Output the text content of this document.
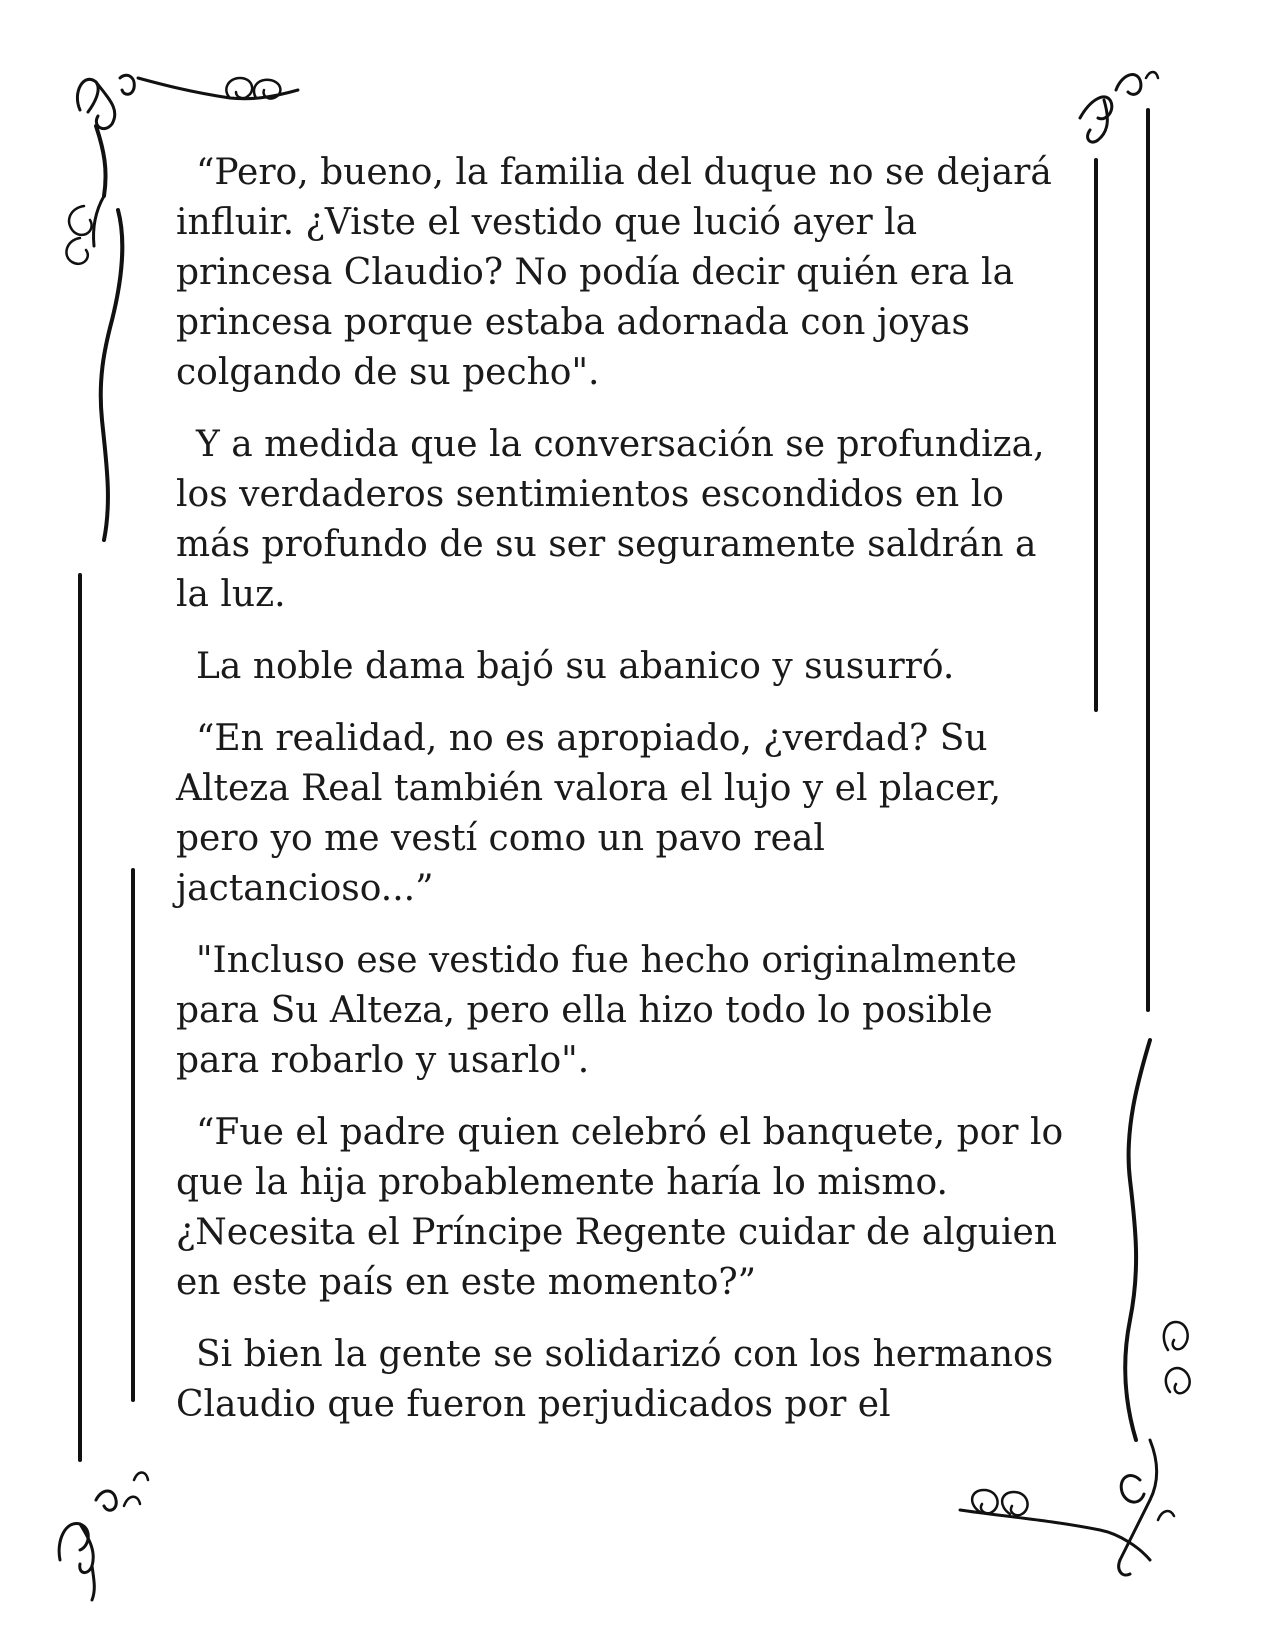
“Pero, bueno, la familia del duque no se dejará
influir. ¿Viste el vestido que lució ayer la
princesa Claudio? No podía decir quién era la
princesa porque estaba adornada con joyas
colgando de su pecho".

Y a medida que la conversación se profundiza,
los verdaderos sentimientos escondidos en lo
más profundo de su ser seguramente saldrán a
la luz.

La noble dama bajó su abanico y susurró.

“En realidad, no es apropiado, ¿verdad? Su
Alteza Real también valora el lujo y el placer,
pero yo me vestí como un pavo real
jactancioso...”

"Incluso ese vestido fue hecho originalmente
para Su Alteza, pero ella hizo todo lo posible
para robarlo y usarlo".

“Fue el padre quien celebró el banquete, por lo
que la hija probablemente haría lo mismo.
¿Necesita el Príncipe Regente cuidar de alguien
en este país en este momento?”

Si bien la gente se solidarizó con los hermanos
Claudio que fueron perjudicados por el
